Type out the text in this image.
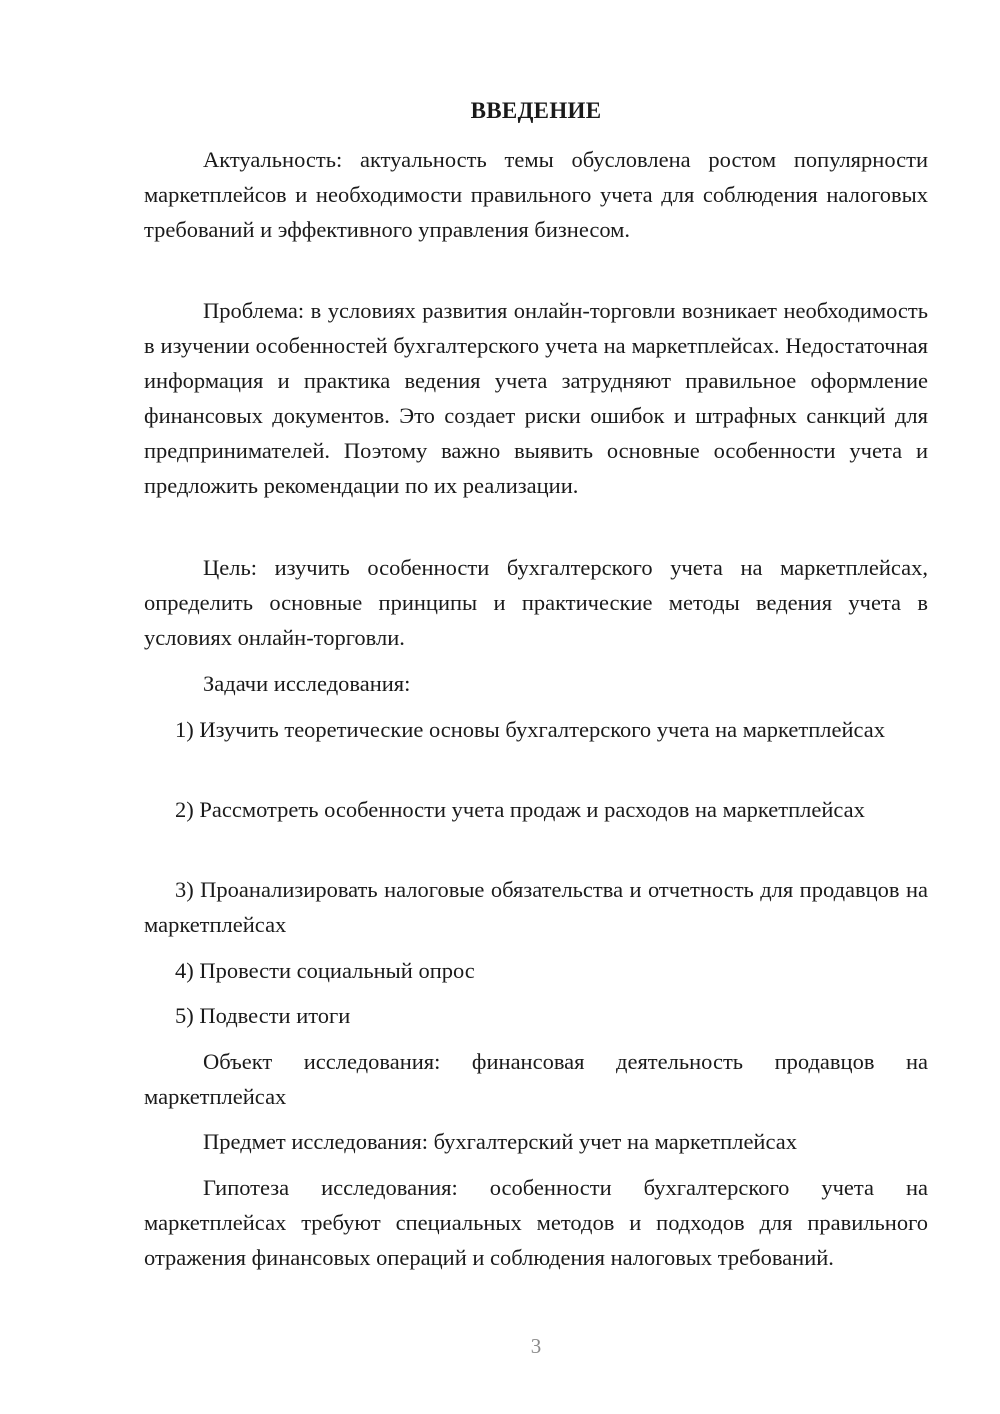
ВВЕДЕНИЕ

Актуальность: актуальность темы обусловлена ростом популярности маркетплейсов и необходимости правильного учета для соблюдения налоговых требований и эффективного управления бизнесом.

Проблема: в условиях развития онлайн-торговли возникает необходимость в изучении особенностей бухгалтерского учета на маркетплейсах. Недостаточная информация и практика ведения учета затрудняют правильное оформление финансовых документов. Это создает риски ошибок и штрафных санкций для предпринимателей. Поэтому важно выявить основные особенности учета и предложить рекомендации по их реализации.

Цель: изучить особенности бухгалтерского учета на маркетплейсах, определить основные принципы и практические методы ведения учета в условиях онлайн-торговли.

Задачи исследования:

1) Изучить теоретические основы бухгалтерского учета на маркетплейсах

2) Рассмотреть особенности учета продаж и расходов на маркетплейсах

3) Проанализировать налоговые обязательства и отчетность для продавцов на маркетплейсах

4) Провести социальный опрос

5) Подвести итоги

Объект исследования: финансовая деятельность продавцов на маркетплейсах

Предмет исследования: бухгалтерский учет на маркетплейсах

Гипотеза исследования: особенности бухгалтерского учета на маркетплейсах требуют специальных методов и подходов для правильного отражения финансовых операций и соблюдения налоговых требований.

3
